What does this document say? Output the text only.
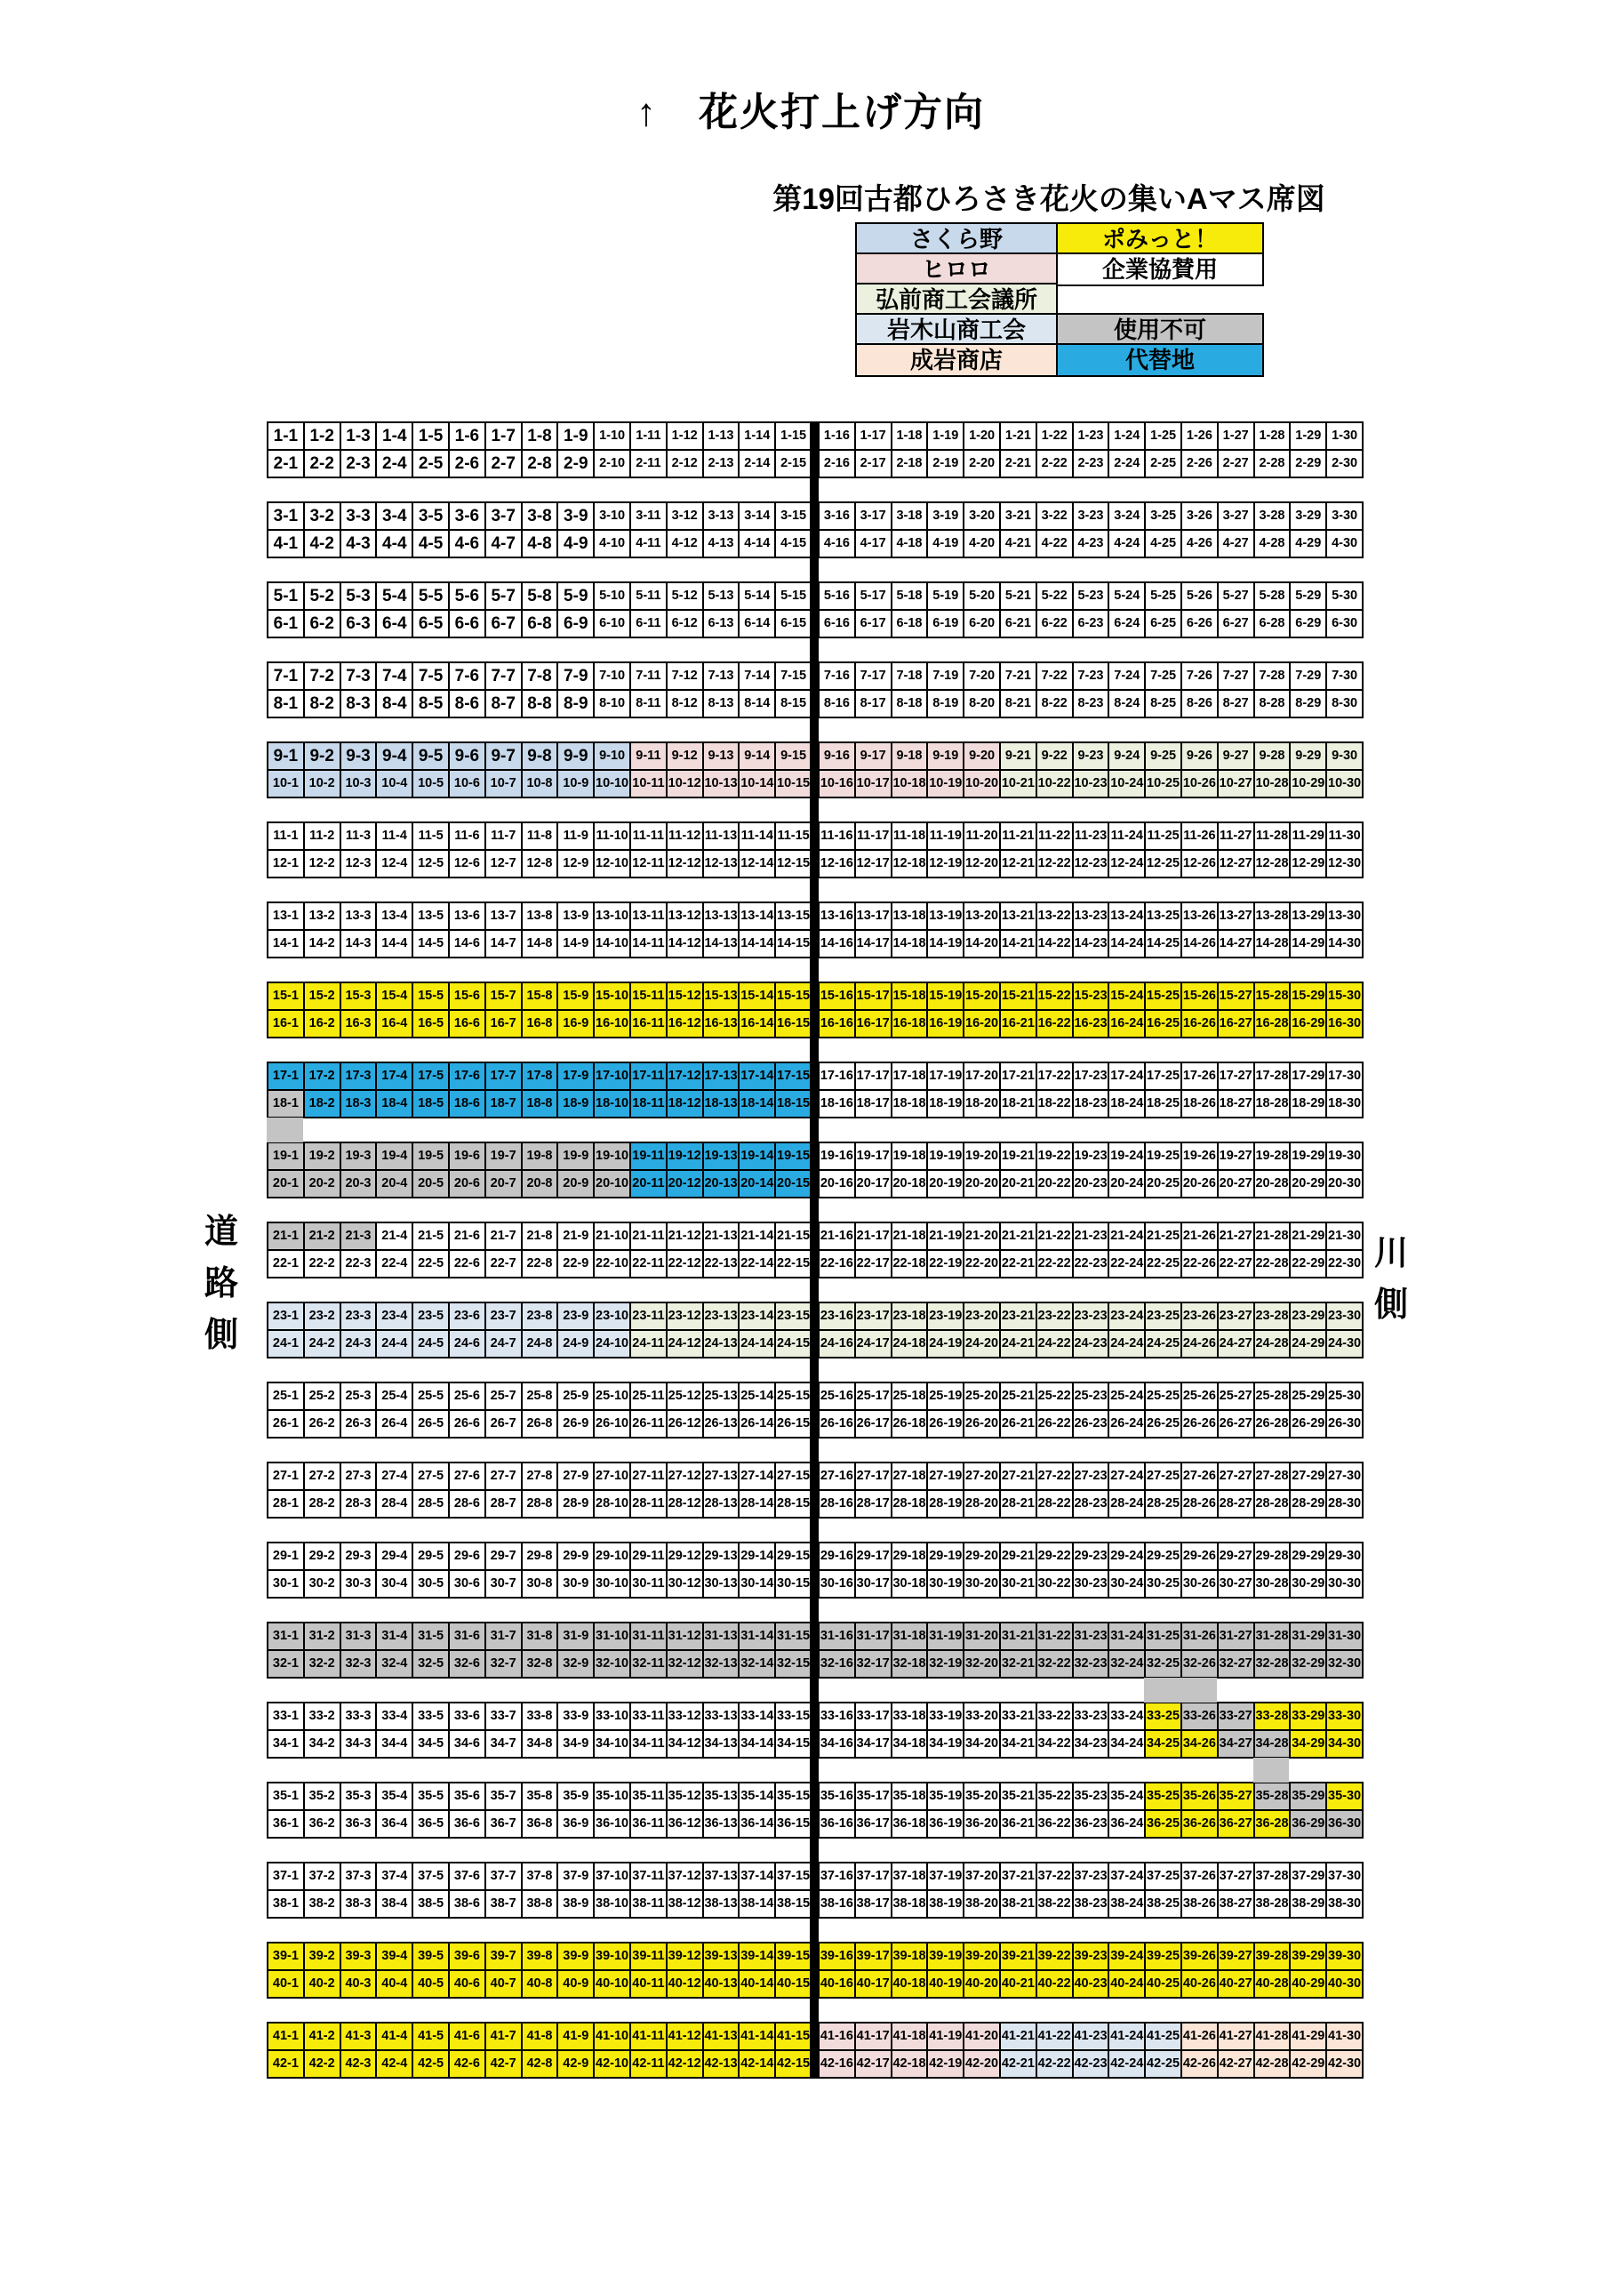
↑　花火打上げ方向
第19回古都ひろさき花火の集いAマス席図
さくら野	ポみっと！
ヒロロ	企業協賛用
弘前商工会議所
岩木山商工会	使用不可
成岩商店	代替地
1-1 1-2 1-3 1-4 1-5 1-6 1-7 1-8 1-9 1-10 1-11 1-12 1-13 1-14 1-15	1-16 1-17 1-18 1-19 1-20 1-21 1-22 1-23 1-24 1-25 1-26 1-27 1-28 1-29 1-30
2-1 2-2 2-3 2-4 2-5 2-6 2-7 2-8 2-9 2-10 2-11 2-12 2-13 2-14 2-15	2-16 2-17 2-18 2-19 2-20 2-21 2-22 2-23 2-24 2-25 2-26 2-27 2-28 2-29 2-30
3-1 3-2 3-3 3-4 3-5 3-6 3-7 3-8 3-9 3-10 3-11 3-12 3-13 3-14 3-15	3-16 3-17 3-18 3-19 3-20 3-21 3-22 3-23 3-24 3-25 3-26 3-27 3-28 3-29 3-30
4-1 4-2 4-3 4-4 4-5 4-6 4-7 4-8 4-9 4-10 4-11 4-12 4-13 4-14 4-15	4-16 4-17 4-18 4-19 4-20 4-21 4-22 4-23 4-24 4-25 4-26 4-27 4-28 4-29 4-30
5-1 5-2 5-3 5-4 5-5 5-6 5-7 5-8 5-9 5-10 5-11 5-12 5-13 5-14 5-15	5-16 5-17 5-18 5-19 5-20 5-21 5-22 5-23 5-24 5-25 5-26 5-27 5-28 5-29 5-30
6-1 6-2 6-3 6-4 6-5 6-6 6-7 6-8 6-9 6-10 6-11 6-12 6-13 6-14 6-15	6-16 6-17 6-18 6-19 6-20 6-21 6-22 6-23 6-24 6-25 6-26 6-27 6-28 6-29 6-30
7-1 7-2 7-3 7-4 7-5 7-6 7-7 7-8 7-9 7-10 7-11 7-12 7-13 7-14 7-15	7-16 7-17 7-18 7-19 7-20 7-21 7-22 7-23 7-24 7-25 7-26 7-27 7-28 7-29 7-30
8-1 8-2 8-3 8-4 8-5 8-6 8-7 8-8 8-9 8-10 8-11 8-12 8-13 8-14 8-15	8-16 8-17 8-18 8-19 8-20 8-21 8-22 8-23 8-24 8-25 8-26 8-27 8-28 8-29 8-30
9-1 9-2 9-3 9-4 9-5 9-6 9-7 9-8 9-9 9-10 9-11 9-12 9-13 9-14 9-15	9-16 9-17 9-18 9-19 9-20 9-21 9-22 9-23 9-24 9-25 9-26 9-27 9-28 9-29 9-30
10-1 10-2 10-3 10-4 10-5 10-6 10-7 10-8 10-9 10-10 10-11 10-12 10-13 10-14 10-15 10-16 10-17 10-18 10-19 10-20 10-21 10-22 10-23 10-24 10-25 10-26 10-27 10-28 10-29 10-30
11-1 11-2 11-3 11-4 11-5 11-6 11-7 11-8 11-9 11-10 11-11 11-12 11-13 11-14 11-15 11-16 11-17 11-18 11-19 11-20 11-21 11-22 11-23 11-24 11-25 11-26 11-27 11-28 11-29 11-30
12-1 12-2 12-3 12-4 12-5 12-6 12-7 12-8 12-9 12-10 12-11 12-12 12-13 12-14 12-15 12-16 12-17 12-18 12-19 12-20 12-21 12-22 12-23 12-24 12-25 12-26 12-27 12-28 12-29 12-30
13-1 13-2 13-3 13-4 13-5 13-6 13-7 13-8 13-9 13-10 13-11 13-12 13-13 13-14 13-15 13-16 13-17 13-18 13-19 13-20 13-21 13-22 13-23 13-24 13-25 13-26 13-27 13-28 13-29 13-30
14-1 14-2 14-3 14-4 14-5 14-6 14-7 14-8 14-9 14-10 14-11 14-12 14-13 14-14 14-15 14-16 14-17 14-18 14-19 14-20 14-21 14-22 14-23 14-24 14-25 14-26 14-27 14-28 14-29 14-30
15-1 15-2 15-3 15-4 15-5 15-6 15-7 15-8 15-9 15-10 15-11 15-12 15-13 15-14 15-15 15-16 15-17 15-18 15-19 15-20 15-21 15-22 15-23 15-24 15-25 15-26 15-27 15-28 15-29 15-30
16-1 16-2 16-3 16-4 16-5 16-6 16-7 16-8 16-9 16-10 16-11 16-12 16-13 16-14 16-15 16-16 16-17 16-18 16-19 16-20 16-21 16-22 16-23 16-24 16-25 16-26 16-27 16-28 16-29 16-30
17-1 17-2 17-3 17-4 17-5 17-6 17-7 17-8 17-9 17-10 17-11 17-12 17-13 17-14 17-15 17-16 17-17 17-18 17-19 17-20 17-21 17-22 17-23 17-24 17-25 17-26 17-27 17-28 17-29 17-30
18-1 18-2 18-3 18-4 18-5 18-6 18-7 18-8 18-9 18-10 18-11 18-12 18-13 18-14 18-15 18-16 18-17 18-18 18-19 18-20 18-21 18-22 18-23 18-24 18-25 18-26 18-27 18-28 18-29 18-30
19-1 19-2 19-3 19-4 19-5 19-6 19-7 19-8 19-9 19-10 19-11 19-12 19-13 19-14 19-15 19-16 19-17 19-18 19-19 19-20 19-21 19-22 19-23 19-24 19-25 19-26 19-27 19-28 19-29 19-30
20-1 20-2 20-3 20-4 20-5 20-6 20-7 20-8 20-9 20-10 20-11 20-12 20-13 20-14 20-15 20-16 20-17 20-18 20-19 20-20 20-21 20-22 20-23 20-24 20-25 20-26 20-27 20-28 20-29 20-30
21-1 21-2 21-3 21-4 21-5 21-6 21-7 21-8 21-9 21-10 21-11 21-12 21-13 21-14 21-15 21-16 21-17 21-18 21-19 21-20 21-21 21-22 21-23 21-24 21-25 21-26 21-27 21-28 21-29 21-30
22-1 22-2 22-3 22-4 22-5 22-6 22-7 22-8 22-9 22-10 22-11 22-12 22-13 22-14 22-15 22-16 22-17 22-18 22-19 22-20 22-21 22-22 22-23 22-24 22-25 22-26 22-27 22-28 22-29 22-30
23-1 23-2 23-3 23-4 23-5 23-6 23-7 23-8 23-9 23-10 23-11 23-12 23-13 23-14 23-15 23-16 23-17 23-18 23-19 23-20 23-21 23-22 23-23 23-24 23-25 23-26 23-27 23-28 23-29 23-30
24-1 24-2 24-3 24-4 24-5 24-6 24-7 24-8 24-9 24-10 24-11 24-12 24-13 24-14 24-15 24-16 24-17 24-18 24-19 24-20 24-21 24-22 24-23 24-24 24-25 24-26 24-27 24-28 24-29 24-30
25-1 25-2 25-3 25-4 25-5 25-6 25-7 25-8 25-9 25-10 25-11 25-12 25-13 25-14 25-15 25-16 25-17 25-18 25-19 25-20 25-21 25-22 25-23 25-24 25-25 25-26 25-27 25-28 25-29 25-30
26-1 26-2 26-3 26-4 26-5 26-6 26-7 26-8 26-9 26-10 26-11 26-12 26-13 26-14 26-15 26-16 26-17 26-18 26-19 26-20 26-21 26-22 26-23 26-24 26-25 26-26 26-27 26-28 26-29 26-30
27-1 27-2 27-3 27-4 27-5 27-6 27-7 27-8 27-9 27-10 27-11 27-12 27-13 27-14 27-15 27-16 27-17 27-18 27-19 27-20 27-21 27-22 27-23 27-24 27-25 27-26 27-27 27-28 27-29 27-30
28-1 28-2 28-3 28-4 28-5 28-6 28-7 28-8 28-9 28-10 28-11 28-12 28-13 28-14 28-15 28-16 28-17 28-18 28-19 28-20 28-21 28-22 28-23 28-24 28-25 28-26 28-27 28-28 28-29 28-30
29-1 29-2 29-3 29-4 29-5 29-6 29-7 29-8 29-9 29-10 29-11 29-12 29-13 29-14 29-15 29-16 29-17 29-18 29-19 29-20 29-21 29-22 29-23 29-24 29-25 29-26 29-27 29-28 29-29 29-30
30-1 30-2 30-3 30-4 30-5 30-6 30-7 30-8 30-9 30-10 30-11 30-12 30-13 30-14 30-15 30-16 30-17 30-18 30-19 30-20 30-21 30-22 30-23 30-24 30-25 30-26 30-27 30-28 30-29 30-30
31-1 31-2 31-3 31-4 31-5 31-6 31-7 31-8 31-9 31-10 31-11 31-12 31-13 31-14 31-15 31-16 31-17 31-18 31-19 31-20 31-21 31-22 31-23 31-24 31-25 31-26 31-27 31-28 31-29 31-30
32-1 32-2 32-3 32-4 32-5 32-6 32-7 32-8 32-9 32-10 32-11 32-12 32-13 32-14 32-15 32-16 32-17 32-18 32-19 32-20 32-21 32-22 32-23 32-24 32-25 32-26 32-27 32-28 32-29 32-30
33-1 33-2 33-3 33-4 33-5 33-6 33-7 33-8 33-9 33-10 33-11 33-12 33-13 33-14 33-15 33-16 33-17 33-18 33-19 33-20 33-21 33-22 33-23 33-24 33-25 33-26 33-27 33-28 33-29 33-30
34-1 34-2 34-3 34-4 34-5 34-6 34-7 34-8 34-9 34-10 34-11 34-12 34-13 34-14 34-15 34-16 34-17 34-18 34-19 34-20 34-21 34-22 34-23 34-24 34-25 34-26 34-27 34-28 34-29 34-30
35-1 35-2 35-3 35-4 35-5 35-6 35-7 35-8 35-9 35-10 35-11 35-12 35-13 35-14 35-15 35-16 35-17 35-18 35-19 35-20 35-21 35-22 35-23 35-24 35-25 35-26 35-27 35-28 35-29 35-30
36-1 36-2 36-3 36-4 36-5 36-6 36-7 36-8 36-9 36-10 36-11 36-12 36-13 36-14 36-15 36-16 36-17 36-18 36-19 36-20 36-21 36-22 36-23 36-24 36-25 36-26 36-27 36-28 36-29 36-30
37-1 37-2 37-3 37-4 37-5 37-6 37-7 37-8 37-9 37-10 37-11 37-12 37-13 37-14 37-15 37-16 37-17 37-18 37-19 37-20 37-21 37-22 37-23 37-24 37-25 37-26 37-27 37-28 37-29 37-30
38-1 38-2 38-3 38-4 38-5 38-6 38-7 38-8 38-9 38-10 38-11 38-12 38-13 38-14 38-15 38-16 38-17 38-18 38-19 38-20 38-21 38-22 38-23 38-24 38-25 38-26 38-27 38-28 38-29 38-30
39-1 39-2 39-3 39-4 39-5 39-6 39-7 39-8 39-9 39-10 39-11 39-12 39-13 39-14 39-15 39-16 39-17 39-18 39-19 39-20 39-21 39-22 39-23 39-24 39-25 39-26 39-27 39-28 39-29 39-30
40-1 40-2 40-3 40-4 40-5 40-6 40-7 40-8 40-9 40-10 40-11 40-12 40-13 40-14 40-15 40-16 40-17 40-18 40-19 40-20 40-21 40-22 40-23 40-24 40-25 40-26 40-27 40-28 40-29 40-30
41-1 41-2 41-3 41-4 41-5 41-6 41-7 41-8 41-9 41-10 41-11 41-12 41-13 41-14 41-15 41-16 41-17 41-18 41-19 41-20 41-21 41-22 41-23 41-24 41-25 41-26 41-27 41-28 41-29 41-30
42-1 42-2 42-3 42-4 42-5 42-6 42-7 42-8 42-9 42-10 42-11 42-12 42-13 42-14 42-15 42-16 42-17 42-18 42-19 42-20 42-21 42-22 42-23 42-24 42-25 42-26 42-27 42-28 42-29 42-30
道
路
側
川
側
